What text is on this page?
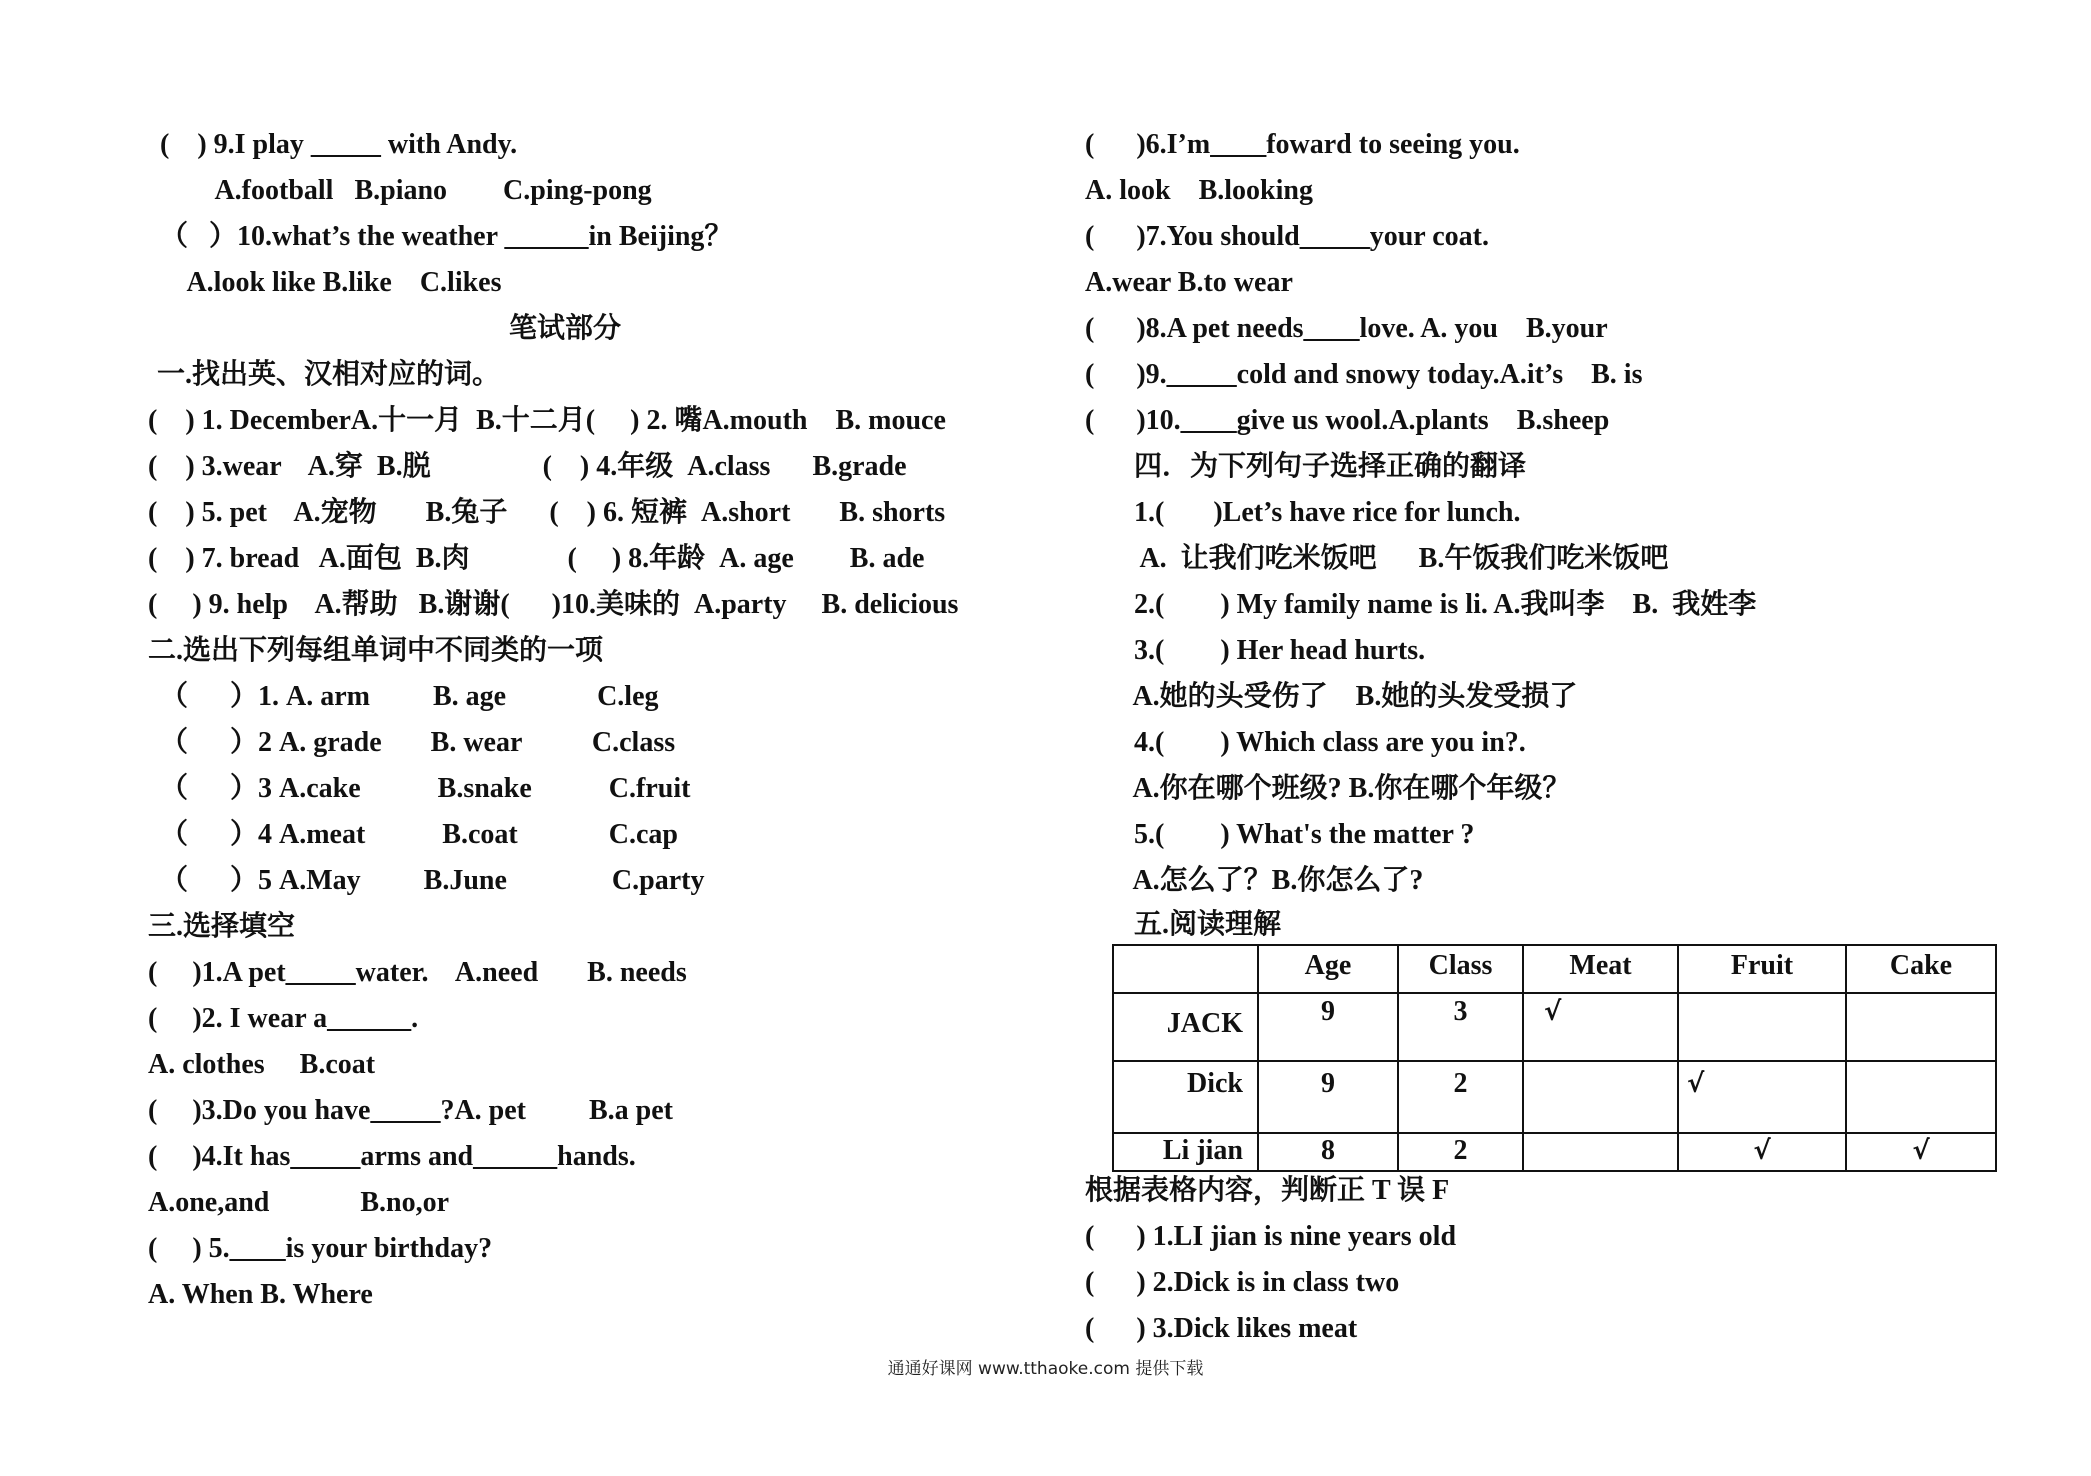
(    ) 9.I play _____ with Andy.
A.football   B.piano        C.ping-pong
（   ）10.what’s the weather ______in Beijing？
A.look like B.like    C.likes
笔试部分
一.找出英、汉相对应的词。
(    ) 1. DecemberA.十一月  B.十二月(     ) 2. 嘴A.mouth    B. mouce
(    ) 3.wear    A.穿  B.脱                (    ) 4.年级  A.class      B.grade
(    ) 5. pet    A.宠物       B.兔子      (    ) 6. 短裤  A.short       B. shorts
(    ) 7. bread   A.面包  B.肉              (     ) 8.年龄  A. age        B. ade
(     ) 9. help    A.帮助   B.谢谢(      )10.美味的  A.party     B. delicious
二.选出下列每组单词中不同类的一项
（      ）1. A. arm         B. age             C.leg
（      ）2 A. grade       B. wear          C.class
（      ）3 A.cake           B.snake           C.fruit
（      ）4 A.meat           B.coat             C.cap
（      ）5 A.May         B.June               C.party
三.选择填空
(     )1.A pet_____water.    A.need       B. needs
(     )2. I wear a______.
A. clothes     B.coat
(     )3.Do you have_____?A. pet         B.a pet
(     )4.It has_____arms and______hands.
A.one,and             B.no,or
(     ) 5.____is your birthday?
A. When B. Where
(      )6.I’m____foward to seeing you.
A. look    B.looking
(      )7.You should_____your coat.
A.wear B.to wear
(      )8.A pet needs____love. A. you    B.your
(      )9._____cold and snowy today.A.it’s    B. is
(      )10.____give us wool.A.plants    B.sheep
四．为下列句子选择正确的翻译
1.(       )Let’s have rice for lunch.
A.  让我们吃米饭吧      B.午饭我们吃米饭吧
2.(        ) My family name is li. A.我叫李    B.  我姓李
3.(        ) Her head hurts.
A.她的头受伤了    B.她的头发受损了
4.(        ) Which class are you in?.
A.你在哪个班级? B.你在哪个年级？
5.(        ) What's the matter ?
A.怎么了？B.你怎么了?
五.阅读理解
	Age	Class	Meat	Fruit	Cake
JACK	9	3	√		
Dick	9	2		√	
Li jian	8	2		√	√
根据表格内容，判断正 T 误 F
(      ) 1.LI jian is nine years old
(      ) 2.Dick is in class two
(      ) 3.Dick likes meat
通通好课网 www.tthaoke.com 提供下载
